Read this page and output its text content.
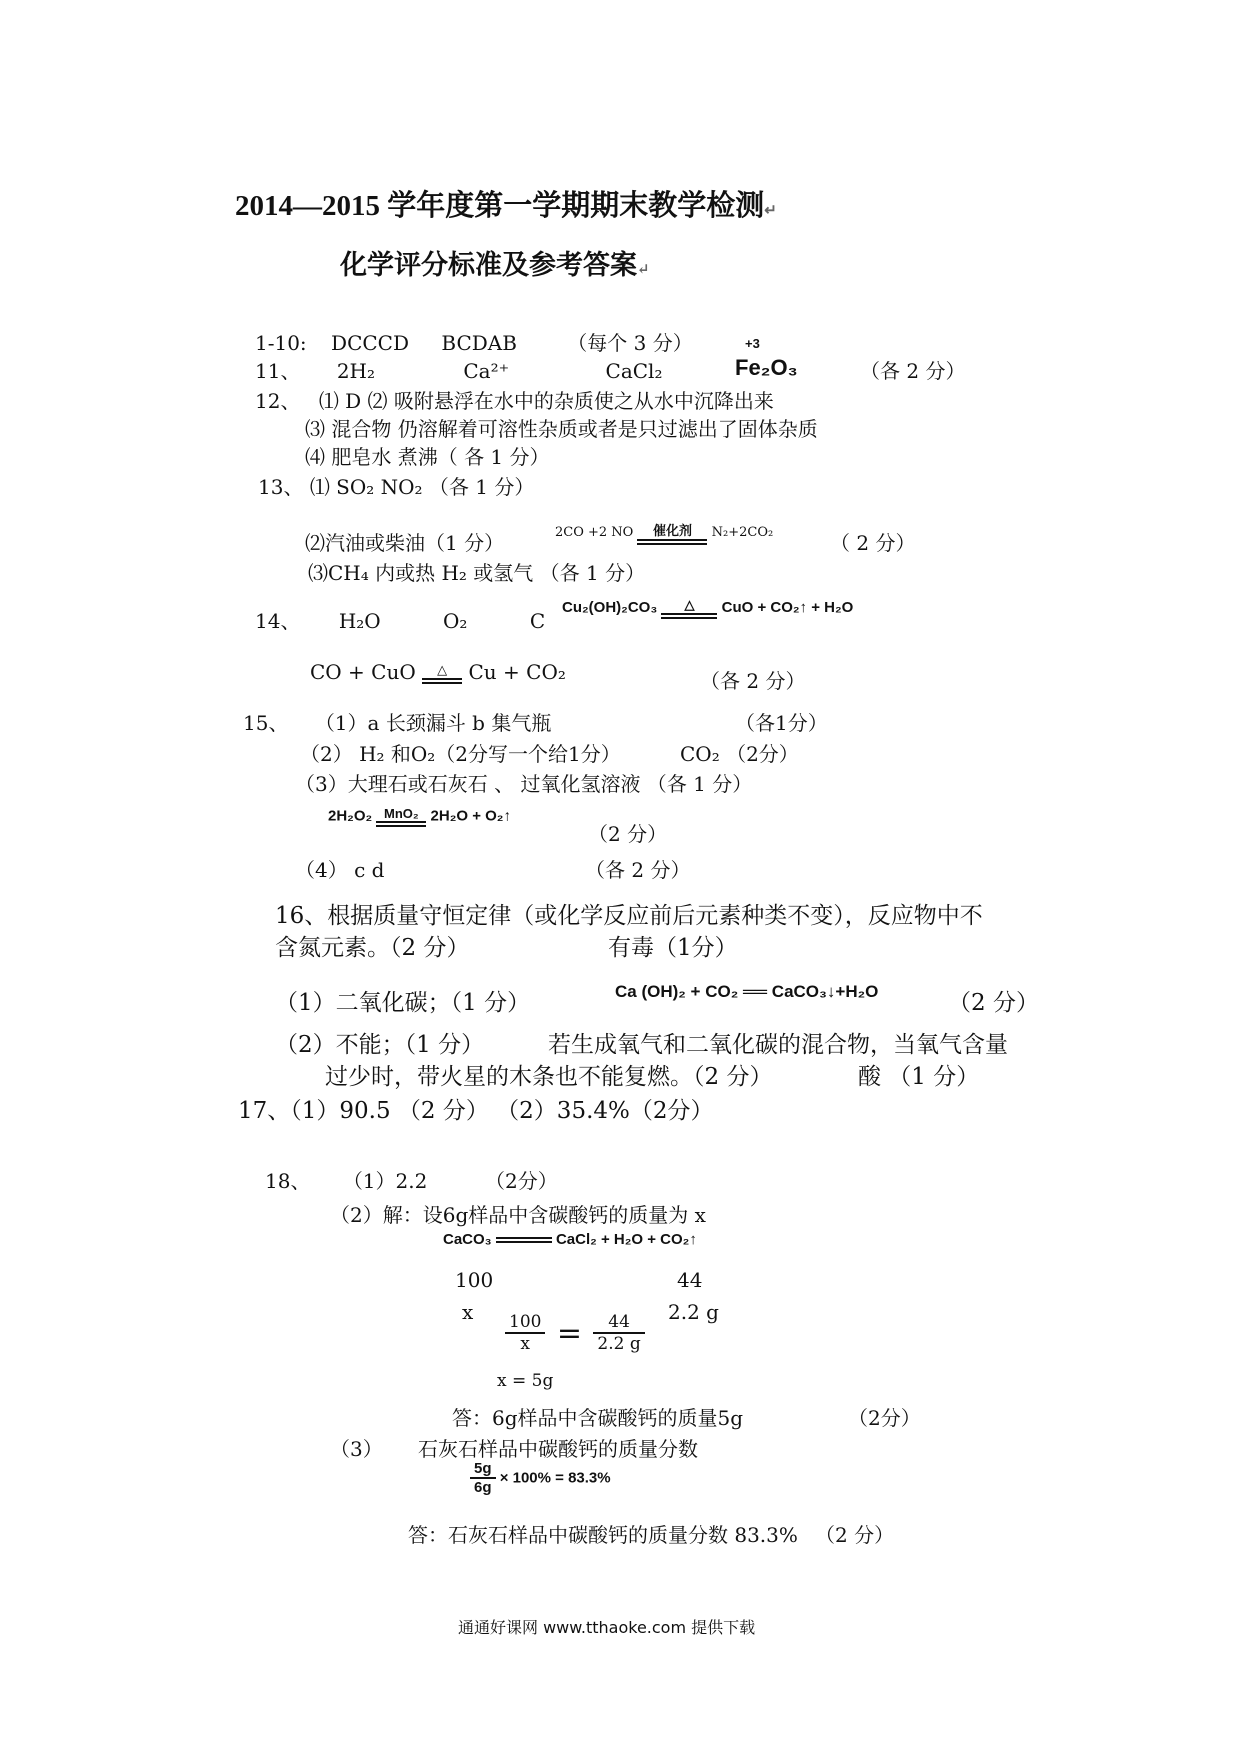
2014—2015 学年度第一学期期末教学检测↵
化学评分标准及参考答案↵
1-10: DCCCD BCDAB	（每个 3 分）
11、 2H₂	Ca²⁺	CaCl₂
+3
Fe₂O₃	（各 2 分）
12、 ⑴ D ⑵ 吸附悬浮在水中的杂质使之从水中沉降出来
⑶ 混合物 仍溶解着可溶性杂质或者是只过滤出了固体杂质
⑷ 肥皂水 煮沸（ 各 1 分）
13、 ⑴ SO₂ NO₂ （各 1 分）
⑵汽油或柴油（1 分）	2CO +2 NO	催化剂	N₂+2CO₂	（ 2 分）
⑶CH₄ 内或热 H₂ 或氢气 （各 1 分）
14、 H₂O	O₂	C
Cu₂(OH)₂CO₃	△	CuO + CO₂↑ + H₂O
CO + CuO	△	Cu + CO₂	（各 2 分）
15、 （1）a 长颈漏斗 b 集气瓶	（各1分）
（2） H₂ 和O₂（2分写一个给1分）	CO₂ （2分）
（3）大理石或石灰石 、 过氧化氢溶液 （各 1 分）
2H₂O₂ MnO₂ 2H₂O + O₂↑
（2 分）
（4） c d	（各 2 分）
16、根据质量守恒定律（或化学反应前后元素种类不变），反应物中不
含氮元素。（2 分）	有毒（1分）
（1）二氧化碳；（1 分）	Ca (OH)₂ + CO₂ ══ CaCO₃↓+H₂O	（2 分）
（2）不能；（1 分）	若生成氧气和二氧化碳的混合物，当氧气含量
过少时，带火星的木条也不能复燃。（2 分）	酸 （1 分）
17、（1）90.5 （2 分） （2）35.4%（2分）
18、 （1）2.2	（2分）
（2）解：设6g样品中含碳酸钙的质量为 x
CaCO₃	CaCl₂ + H₂O + CO₂↑
100	44
x	2.2 g
$\frac{100}{x} = \frac{44}{2.2 g}$
x = 5g
答：6g样品中含碳酸钙的质量5g	（2分）
（3） 石灰石样品中碳酸钙的质量分数
$\frac{5g}{6g} \times 100\% = 83.3\%$
答：石灰石样品中碳酸钙的质量分数 83.3% （2 分）
通通好课网 www.tthaoke.com 提供下载
